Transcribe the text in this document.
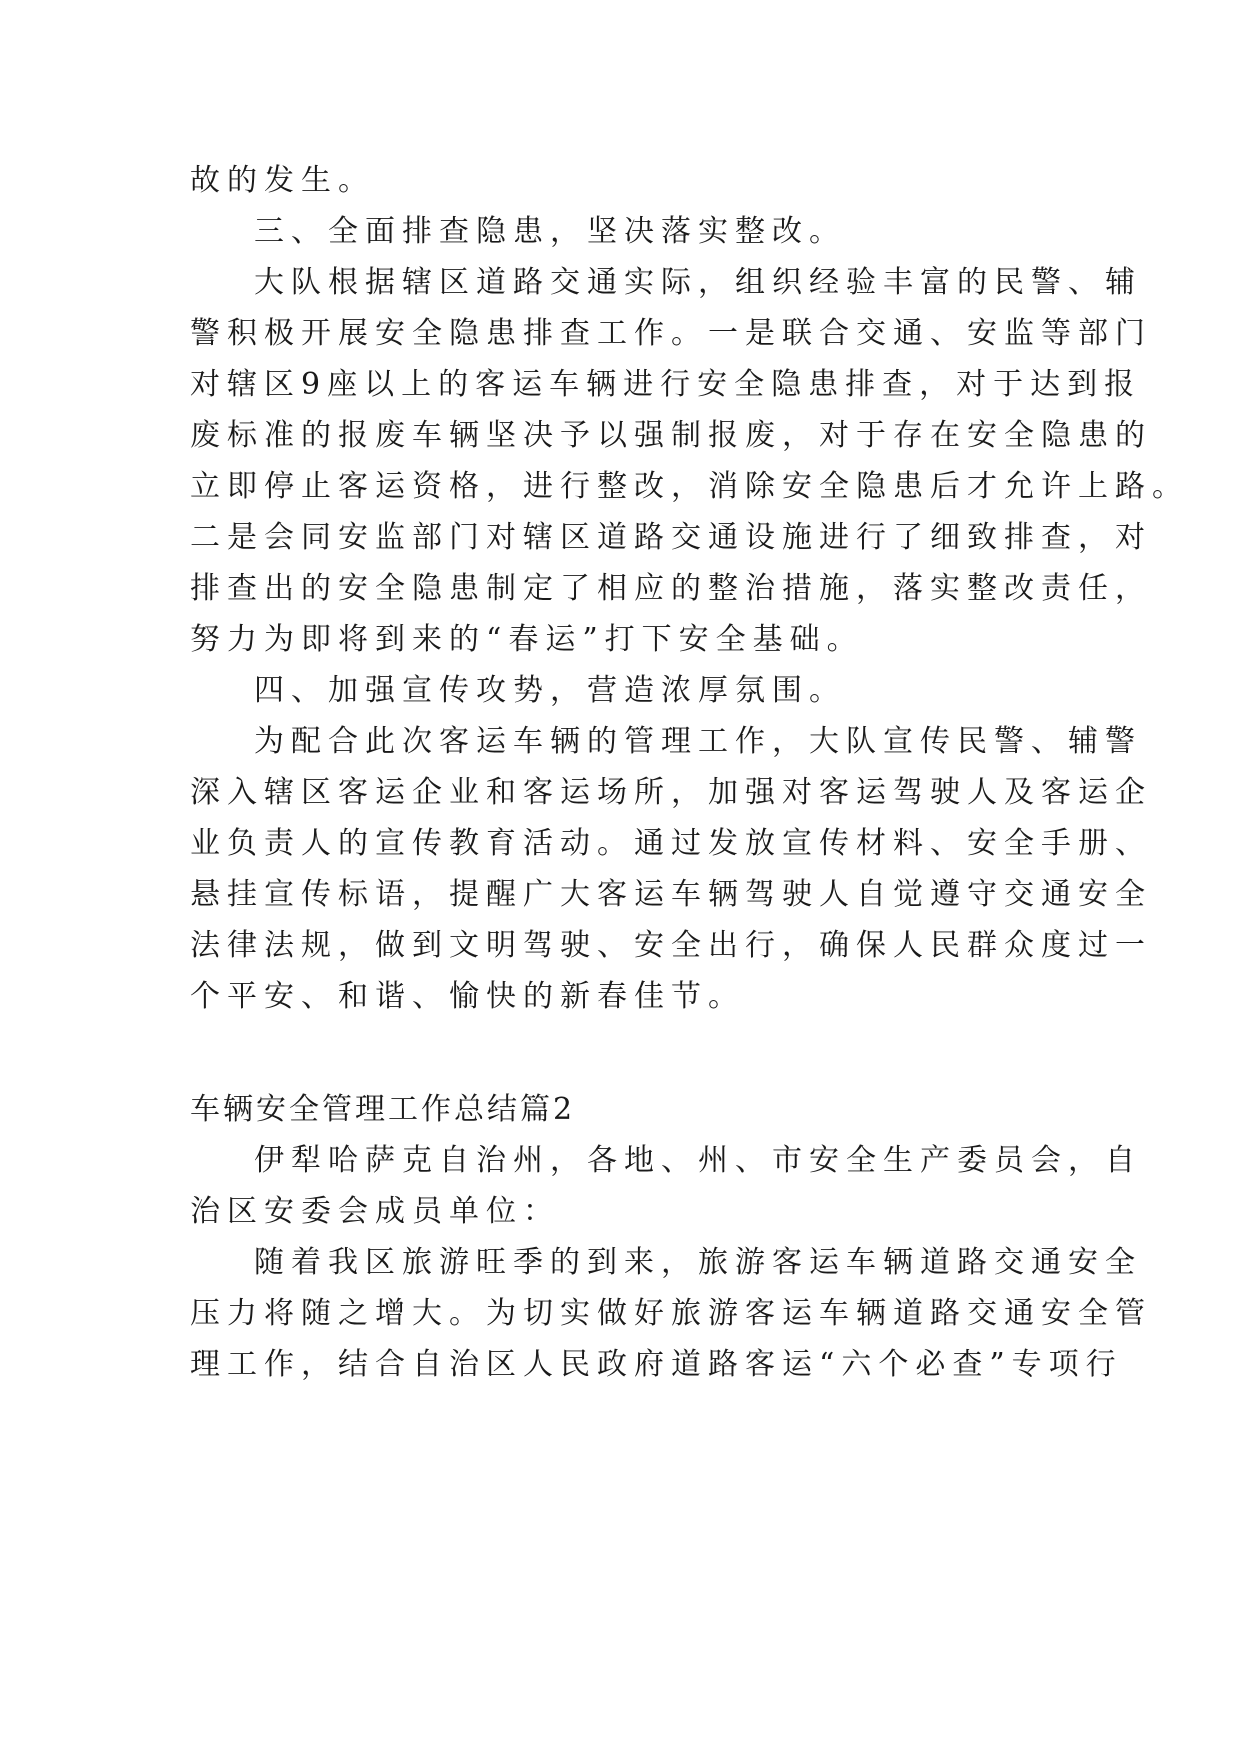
故的发生。
三、全面排查隐患，坚决落实整改。
大队根据辖区道路交通实际，组织经验丰富的民警、辅
警积极开展安全隐患排查工作。一是联合交通、安监等部门
对辖区9座以上的客运车辆进行安全隐患排查，对于达到报
废标准的报废车辆坚决予以强制报废，对于存在安全隐患的
立即停止客运资格，进行整改，消除安全隐患后才允许上路。
二是会同安监部门对辖区道路交通设施进行了细致排查，对
排查出的安全隐患制定了相应的整治措施，落实整改责任，
努力为即将到来的“春运”打下安全基础。
四、加强宣传攻势，营造浓厚氛围。
为配合此次客运车辆的管理工作，大队宣传民警、辅警
深入辖区客运企业和客运场所，加强对客运驾驶人及客运企
业负责人的宣传教育活动。通过发放宣传材料、安全手册、
悬挂宣传标语，提醒广大客运车辆驾驶人自觉遵守交通安全
法律法规，做到文明驾驶、安全出行，确保人民群众度过一
个平安、和谐、愉快的新春佳节。
车辆安全管理工作总结篇2
伊犁哈萨克自治州，各地、州、市安全生产委员会，自
治区安委会成员单位：
随着我区旅游旺季的到来，旅游客运车辆道路交通安全
压力将随之增大。为切实做好旅游客运车辆道路交通安全管
理工作，结合自治区人民政府道路客运“六个必查”专项行
